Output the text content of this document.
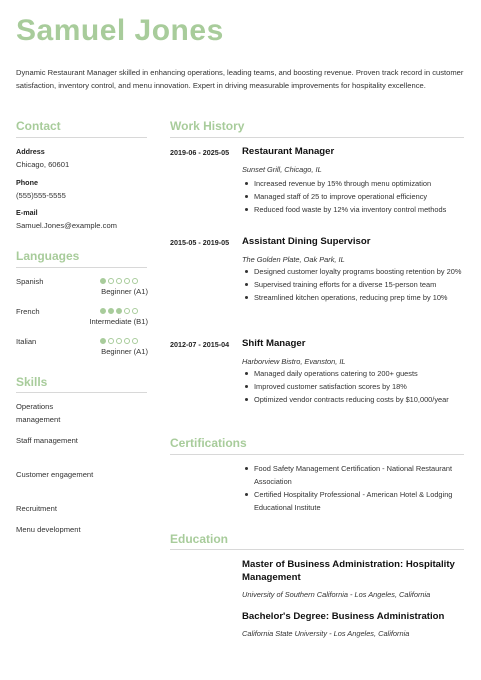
Samuel Jones
Dynamic Restaurant Manager skilled in enhancing operations, leading teams, and boosting revenue. Proven track record in customer satisfaction, inventory control, and menu innovation. Expert in driving measurable improvements for hospitality excellence.
Contact
Address
Chicago, 60601
Phone
(555)555-5555
E-mail
Samuel.Jones@example.com
Languages
Spanish
Beginner (A1)
French
Intermediate (B1)
Italian
Beginner (A1)
Skills
Operations management
Staff management
Customer engagement
Recruitment
Menu development
Work History
2019-06 - 2025-05 Restaurant Manager
Sunset Grill, Chicago, IL
Increased revenue by 15% through menu optimization
Managed staff of 25 to improve operational efficiency
Reduced food waste by 12% via inventory control methods
2015-05 - 2019-05 Assistant Dining Supervisor
The Golden Plate, Oak Park, IL
Designed customer loyalty programs boosting retention by 20%
Supervised training efforts for a diverse 15-person team
Streamlined kitchen operations, reducing prep time by 10%
2012-07 - 2015-04 Shift Manager
Harborview Bistro, Evanston, IL
Managed daily operations catering to 200+ guests
Improved customer satisfaction scores by 18%
Optimized vendor contracts reducing costs by $10,000/year
Certifications
Food Safety Management Certification - National Restaurant Association
Certified Hospitality Professional - American Hotel & Lodging Educational Institute
Education
Master of Business Administration: Hospitality Management
University of Southern California - Los Angeles, California
Bachelor's Degree: Business Administration
California State University - Los Angeles, California
